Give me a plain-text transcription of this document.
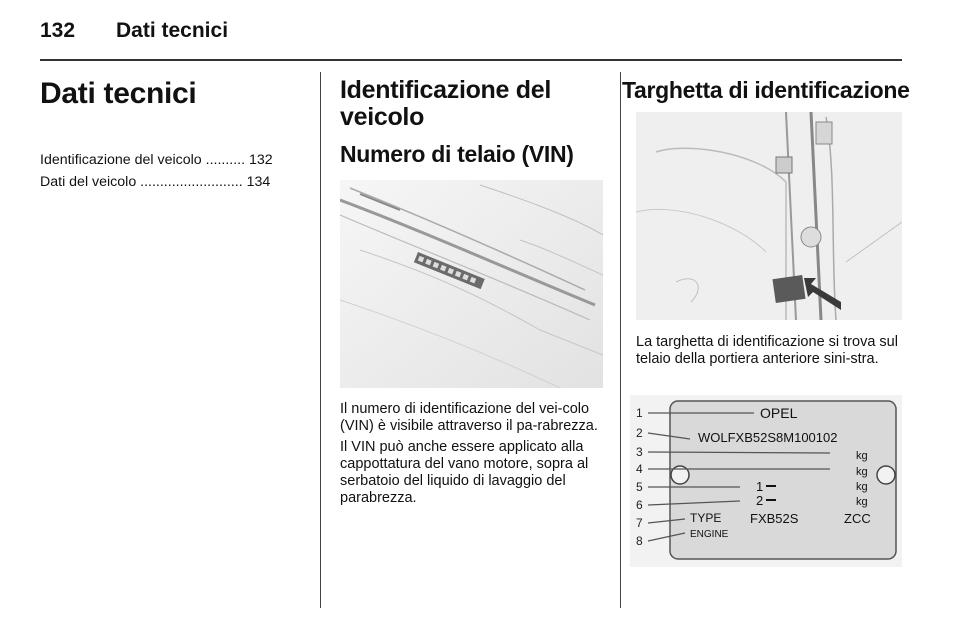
132 Dati tecnici
Dati tecnici
Identificazione del veicolo .......... 132
Dati del veicolo .......................... 134
Identificazione del veicolo
Numero di telaio (VIN)

Il numero di identificazione del vei-colo (VIN) è visibile attraverso il pa-rabrezza.

Il VIN può anche essere applicato alla cappottatura del vano motore, sopra al serbatoio del liquido di lavaggio del parabrezza.

Targhetta di identificazione
La targhetta di identificazione si trova sul telaio della portiera anteriore sini-stra.
1
2
3
4
5
6
7
8
OPEL
WOLFXB52S8M100102
kg
kg
kg
kg
1
2
TYPE FXB52S	ZCC
ENGINE
